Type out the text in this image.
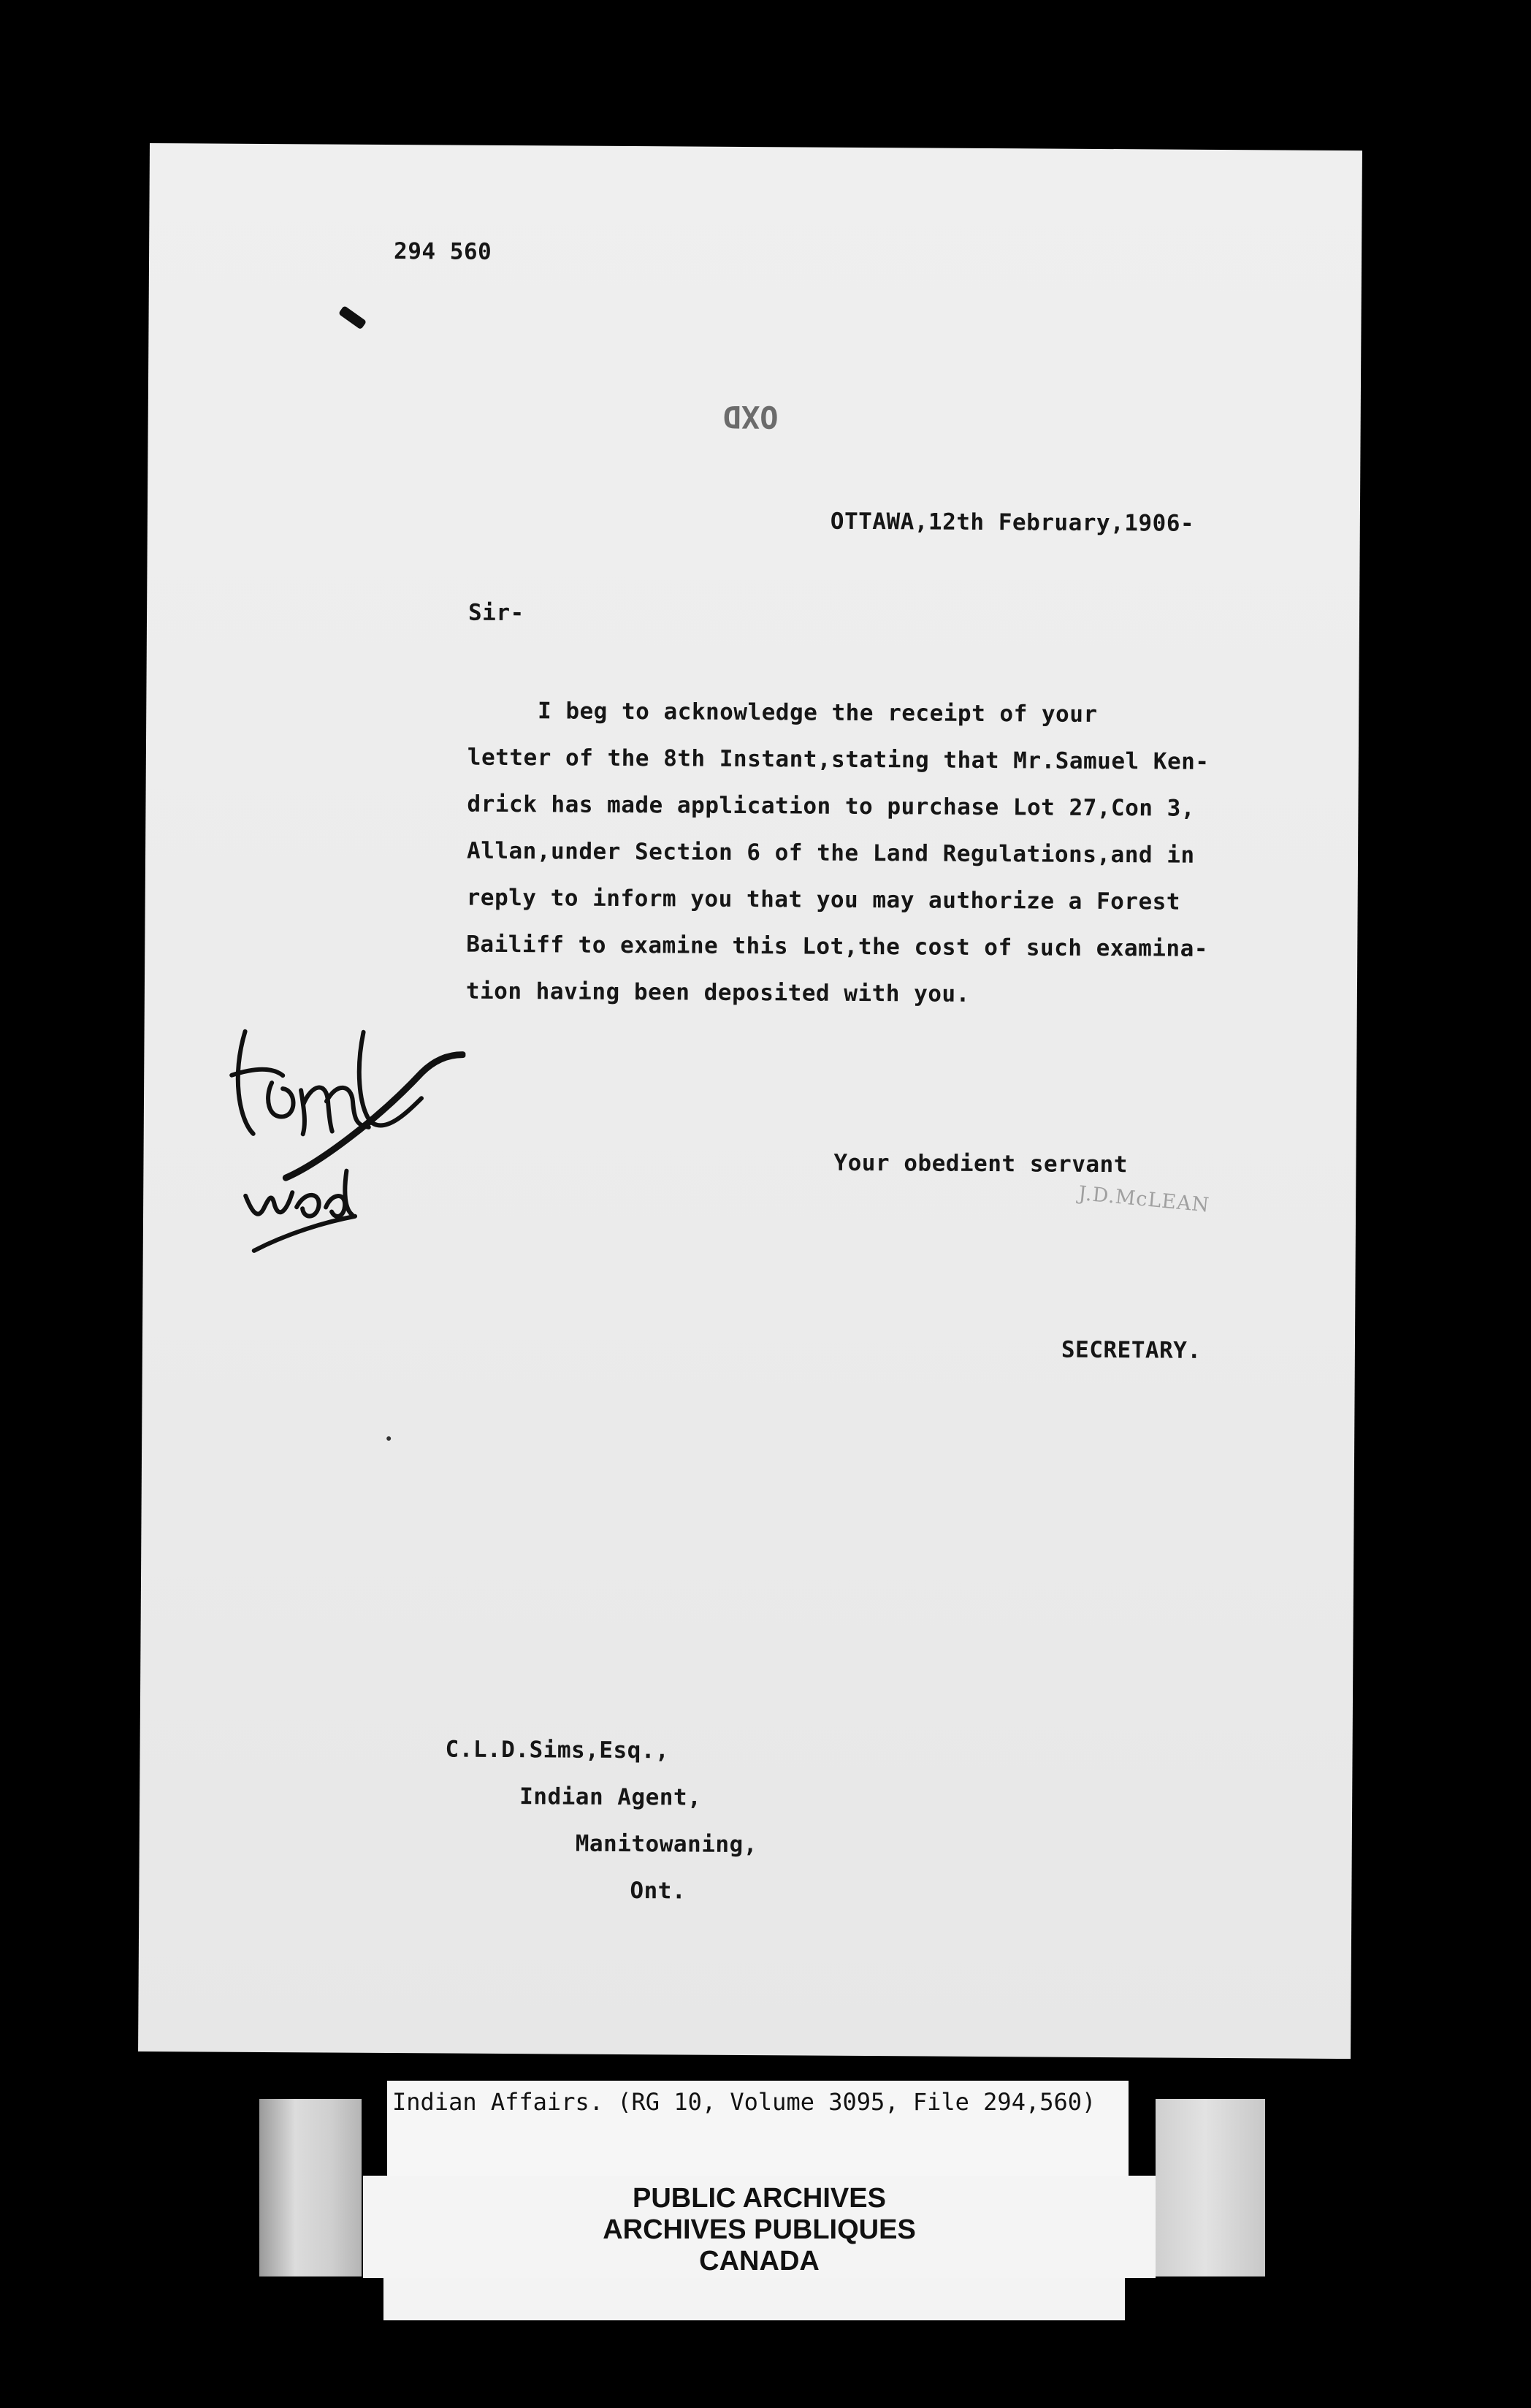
294 560
OXD
OTTAWA,12th February,1906-
Sir-
I beg to acknowledge the receipt of your
letter of the 8th Instant,stating that Mr.Samuel Ken-
drick has made application to purchase Lot 27,Con 3,
Allan,under Section 6 of the Land Regulations,and in
reply to inform you that you may authorize a Forest
Bailiff to examine this Lot,the cost of such examina-
tion having been deposited with you.
Your obedient servant
J.D.McLEAN
SECRETARY.
C.L.D.Sims,Esq.,
Indian Agent,
Manitowaning,
Ont.
Indian Affairs. (RG 10, Volume 3095, File 294,560)
PUBLIC ARCHIVES
ARCHIVES PUBLIQUES
CANADA
